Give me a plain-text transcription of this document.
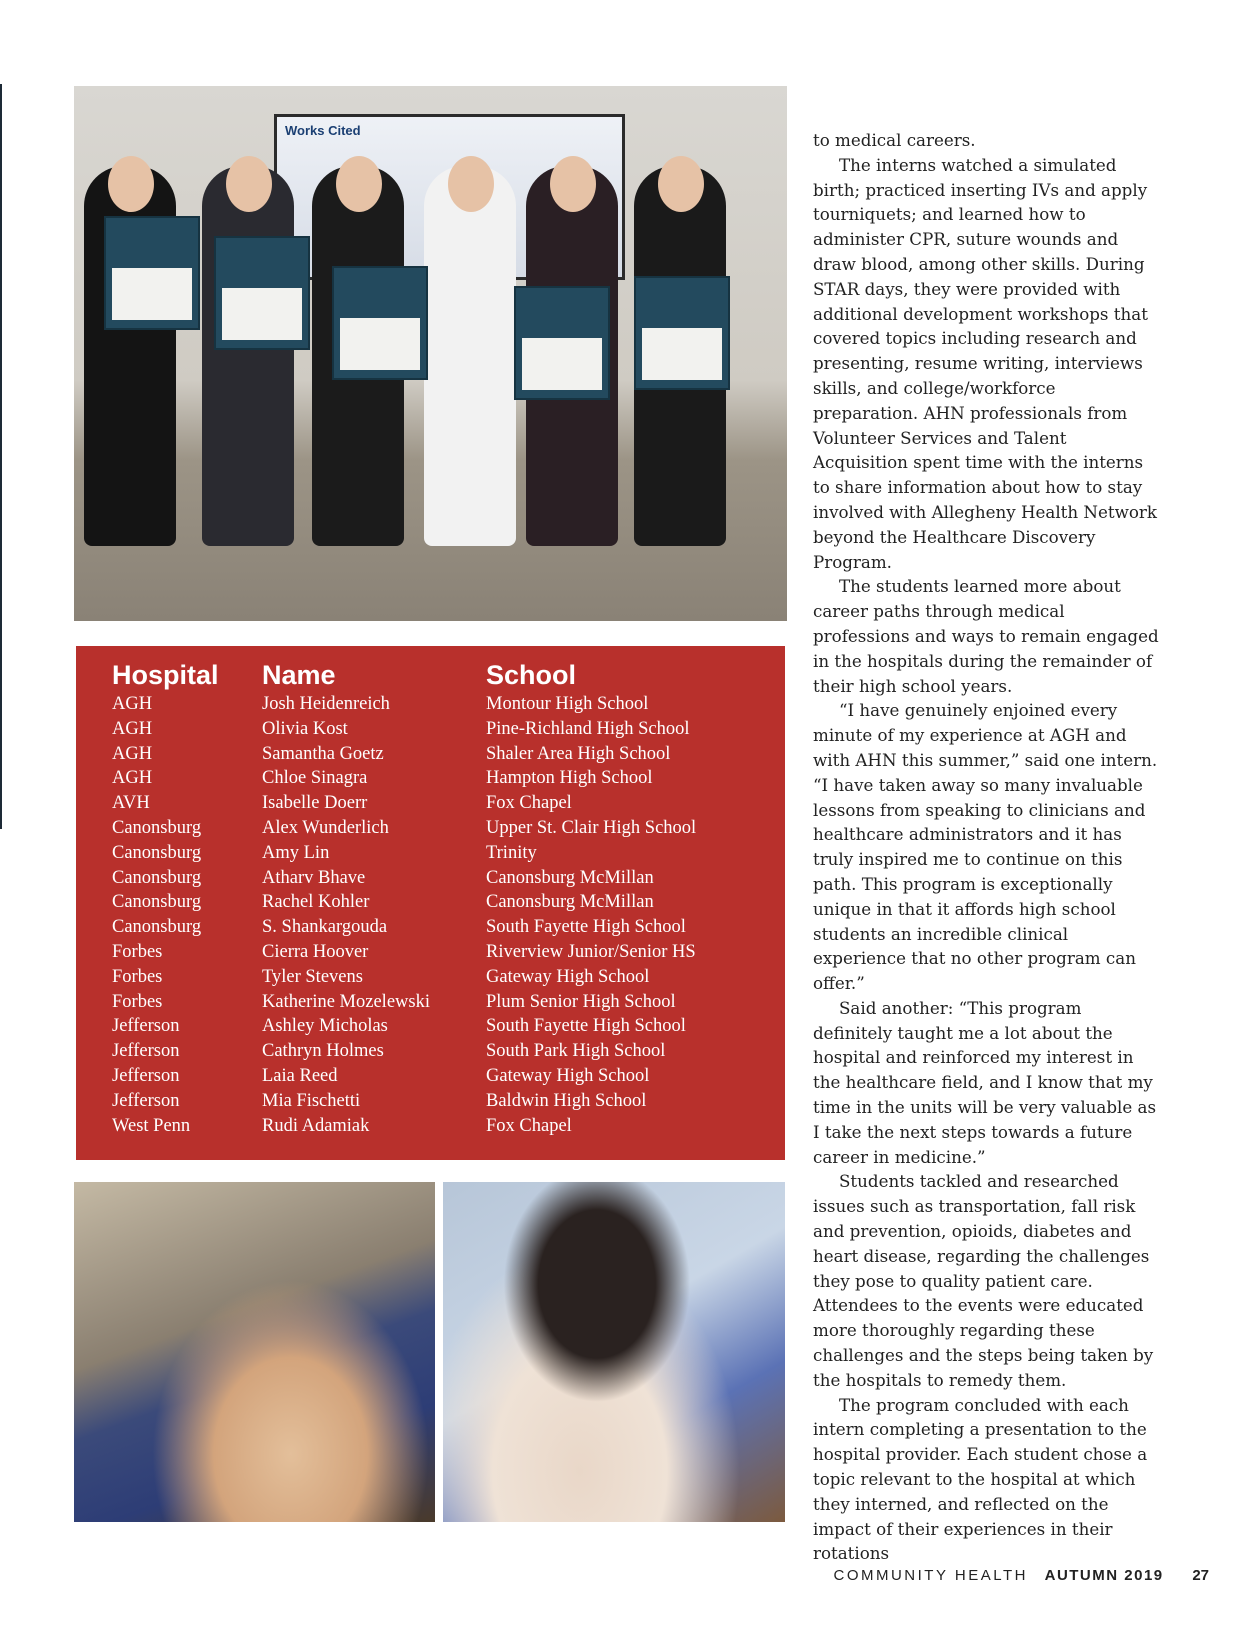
Works Cited
Hospital
AGH
AGH
AGH
AGH
AVH
Canonsburg
Canonsburg
Canonsburg
Canonsburg
Canonsburg
Forbes
Forbes
Forbes
Jefferson
Jefferson
Jefferson
Jefferson
West Penn
Name
Josh Heidenreich
Olivia Kost
Samantha Goetz
Chloe Sinagra
Isabelle Doerr
Alex Wunderlich
Amy Lin
Atharv Bhave
Rachel Kohler
S. Shankargouda
Cierra Hoover
Tyler Stevens
Katherine Mozelewski
Ashley Micholas
Cathryn Holmes
Laia Reed
Mia Fischetti
Rudi Adamiak
School
Montour High School
Pine-Richland High School
Shaler Area High School
Hampton High School
Fox Chapel
Upper St. Clair High School
Trinity
Canonsburg McMillan
Canonsburg McMillan
South Fayette High School
Riverview Junior/Senior HS
Gateway High School
Plum Senior High School
South Fayette High School
South Park High School
Gateway High School
Baldwin High School
Fox Chapel

to medical careers.

The interns watched a simulated birth; practiced inserting IVs and apply tourniquets; and learned how to administer CPR, suture wounds and draw blood, among other skills. During STAR days, they were provided with additional development workshops that covered topics including research and presenting, resume writing, interviews skills, and college/workforce preparation. AHN professionals from Volunteer Services and Talent Acquisition spent time with the interns to share information about how to stay involved with Allegheny Health Network beyond the Healthcare Discovery Program.

The students learned more about career paths through medical professions and ways to remain engaged in the hospitals during the remainder of their high school years.

“I have genuinely enjoined every minute of my experience at AGH and with AHN this summer,” said one intern. “I have taken away so many invaluable lessons from speaking to clinicians and healthcare administrators and it has truly inspired me to continue on this path. This program is exceptionally unique in that it affords high school students an incredible clinical experience that no other program can offer.”

Said another: “This program definitely taught me a lot about the hospital and reinforced my interest in the healthcare field, and I know that my time in the units will be very valuable as I take the next steps towards a future career in medicine.”

Students tackled and researched issues such as transportation, fall risk and prevention, opioids, diabetes and heart disease, regarding the challenges they pose to quality patient care. Attendees to the events were educated more thoroughly regarding these challenges and the steps being taken by the hospitals to remedy them.

The program concluded with each intern completing a presentation to the hospital provider. Each student chose a topic relevant to the hospital at which they interned, and reflected on the impact of their experiences in their rotations

COMMUNITY HEALTH AUTUMN 2019 27
